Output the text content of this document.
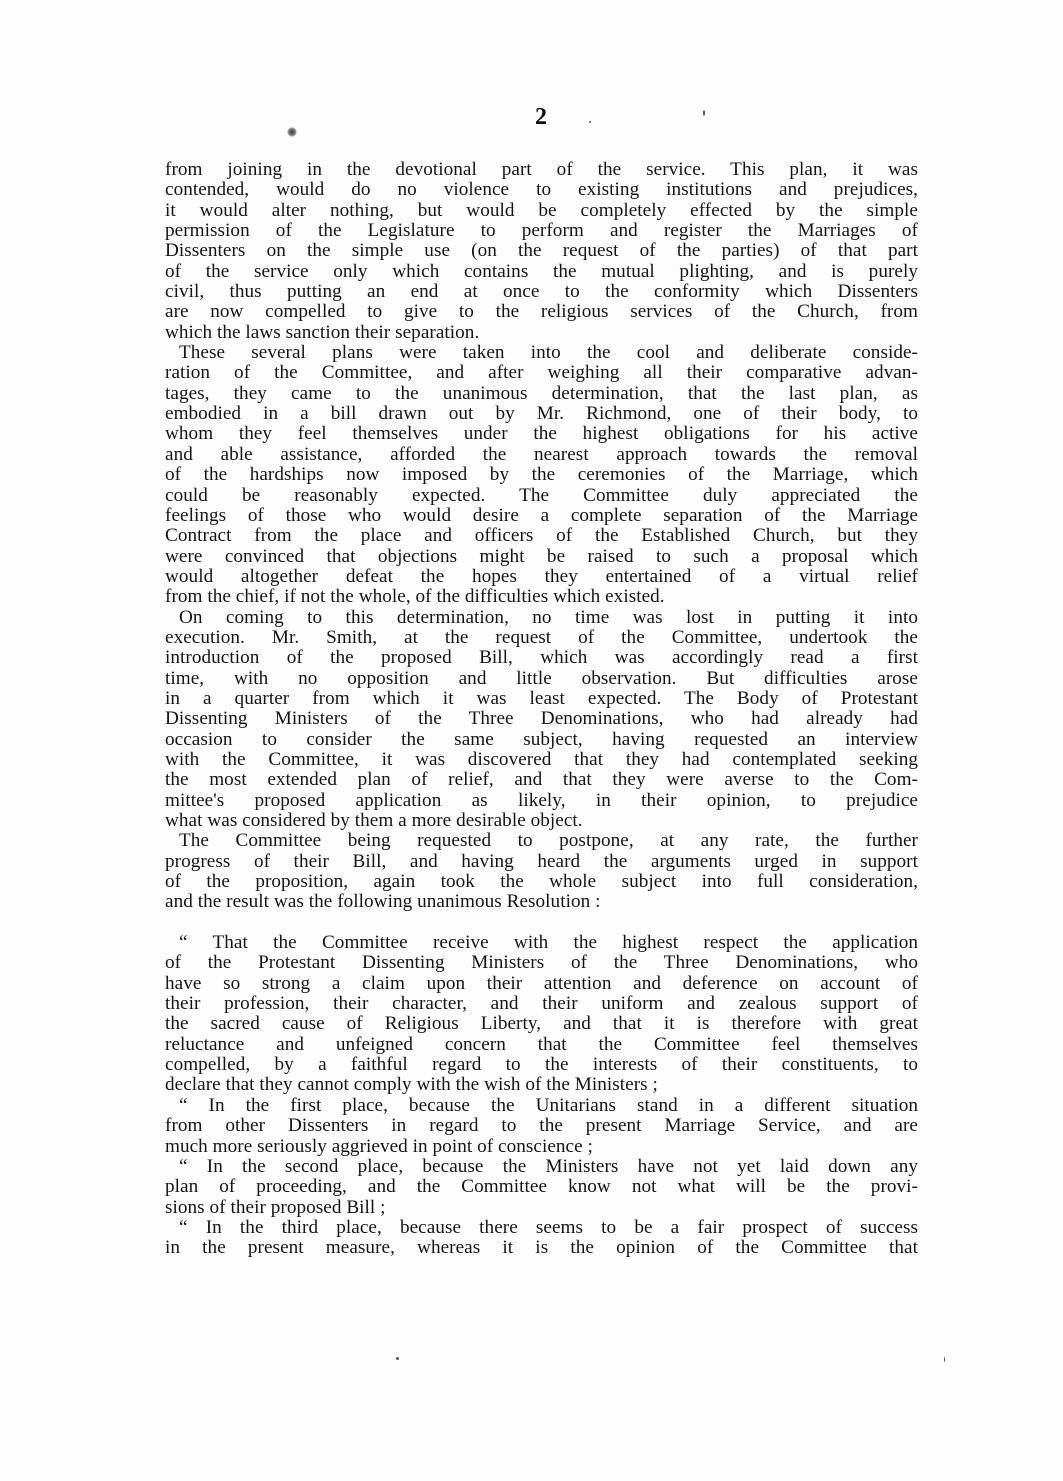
2
from joining in the devotional part of the service. This plan, it was
contended, would do no violence to existing institutions and prejudices,
it would alter nothing, but would be completely effected by the simple
permission of the Legislature to perform and register the Marriages of
Dissenters on the simple use (on the request of the parties) of that part
of the service only which contains the mutual plighting, and is purely
civil, thus putting an end at once to the conformity which Dissenters
are now compelled to give to the religious services of the Church, from
which the laws sanction their separation.
These several plans were taken into the cool and deliberate conside-
ration of the Committee, and after weighing all their comparative advan-
tages, they came to the unanimous determination, that the last plan, as
embodied in a bill drawn out by Mr. Richmond, one of their body, to
whom they feel themselves under the highest obligations for his active
and able assistance, afforded the nearest approach towards the removal
of the hardships now imposed by the ceremonies of the Marriage, which
could be reasonably expected. The Committee duly appreciated the
feelings of those who would desire a complete separation of the Marriage
Contract from the place and officers of the Established Church, but they
were convinced that objections might be raised to such a proposal which
would altogether defeat the hopes they entertained of a virtual relief
from the chief, if not the whole, of the difficulties which existed.
On coming to this determination, no time was lost in putting it into
execution. Mr. Smith, at the request of the Committee, undertook the
introduction of the proposed Bill, which was accordingly read a first
time, with no opposition and little observation. But difficulties arose
in a quarter from which it was least expected. The Body of Protestant
Dissenting Ministers of the Three Denominations, who had already had
occasion to consider the same subject, having requested an interview
with the Committee, it was discovered that they had contemplated seeking
the most extended plan of relief, and that they were averse to the Com-
mittee's proposed application as likely, in their opinion, to prejudice
what was considered by them a more desirable object.
The Committee being requested to postpone, at any rate, the further
progress of their Bill, and having heard the arguments urged in support
of the proposition, again took the whole subject into full consideration,
and the result was the following unanimous Resolution :
“ That the Committee receive with the highest respect the application
of the Protestant Dissenting Ministers of the Three Denominations, who
have so strong a claim upon their attention and deference on account of
their profession, their character, and their uniform and zealous support of
the sacred cause of Religious Liberty, and that it is therefore with great
reluctance and unfeigned concern that the Committee feel themselves
compelled, by a faithful regard to the interests of their constituents, to
declare that they cannot comply with the wish of the Ministers ;
“ In the first place, because the Unitarians stand in a different situation
from other Dissenters in regard to the present Marriage Service, and are
much more seriously aggrieved in point of conscience ;
“ In the second place, because the Ministers have not yet laid down any
plan of proceeding, and the Committee know not what will be the provi-
sions of their proposed Bill ;
“ In the third place, because there seems to be a fair prospect of success
in the present measure, whereas it is the opinion of the Committee that
